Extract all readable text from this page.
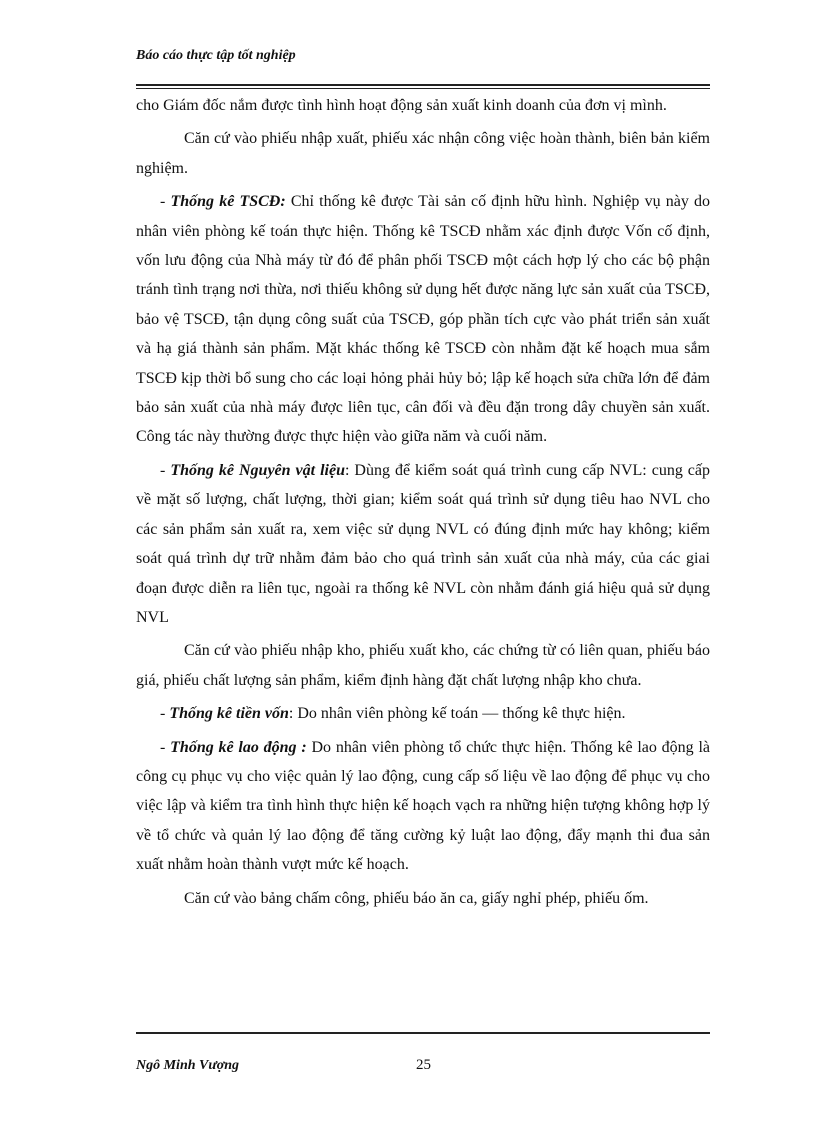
Báo cáo thực tập tốt nghiệp

cho Giám đốc nắm được tình hình hoạt động sản xuất kinh doanh của đơn vị mình.

Căn cứ vào phiếu nhập xuất, phiếu xác nhận công việc hoàn thành, biên bản kiểm nghiệm.

- Thống kê TSCĐ: Chỉ thống kê được Tài sản cố định hữu hình. Nghiệp vụ này do nhân viên phòng kế toán thực hiện. Thống kê TSCĐ nhằm xác định được Vốn cố định, vốn lưu động của Nhà máy từ đó để phân phối TSCĐ một cách hợp lý cho các bộ phận tránh tình trạng nơi thừa, nơi thiếu không sử dụng hết được năng lực sản xuất của TSCĐ, bảo vệ TSCĐ, tận dụng công suất của TSCĐ, góp phần tích cực vào phát triển sản xuất và hạ giá thành sản phẩm. Mặt khác thống kê TSCĐ còn nhằm đặt kế hoạch mua sắm TSCĐ kịp thời bổ sung cho các loại hỏng phải hủy bỏ; lập kế hoạch sửa chữa lớn để đảm bảo sản xuất của nhà máy được liên tục, cân đối và đều đặn trong dây chuyền sản xuất. Công tác này thường được thực hiện vào giữa năm và cuối năm.

- Thống kê Nguyên vật liệu: Dùng để kiểm soát quá trình cung cấp NVL: cung cấp về mặt số lượng, chất lượng, thời gian; kiểm soát quá trình sử dụng tiêu hao NVL cho các sản phẩm sản xuất ra, xem việc sử dụng NVL có đúng định mức hay không; kiểm soát quá trình dự trữ nhằm đảm bảo cho quá trình sản xuất của nhà máy, của các giai đoạn được diễn ra liên tục, ngoài ra thống kê NVL còn nhằm đánh giá hiệu quả sử dụng NVL

Căn cứ vào phiếu nhập kho, phiếu xuất kho, các chứng từ có liên quan, phiếu báo giá, phiếu chất lượng sản phẩm, kiểm định hàng đặt chất lượng nhập kho chưa.

- Thống kê tiền vốn: Do nhân viên phòng kế toán — thống kê thực hiện.

- Thống kê lao động : Do nhân viên phòng tổ chức thực hiện. Thống kê lao động là công cụ phục vụ cho việc quản lý lao động, cung cấp số liệu về lao động để phục vụ cho việc lập và kiểm tra tình hình thực hiện kế hoạch vạch ra những hiện tượng không hợp lý về tổ chức và quản lý lao động để tăng cường kỷ luật lao động, đẩy mạnh thi đua sản xuất nhằm hoàn thành vượt mức kế hoạch.

Căn cứ vào bảng chấm công, phiếu báo ăn ca, giấy nghỉ phép, phiếu ốm.

Ngô Minh Vượng	25
